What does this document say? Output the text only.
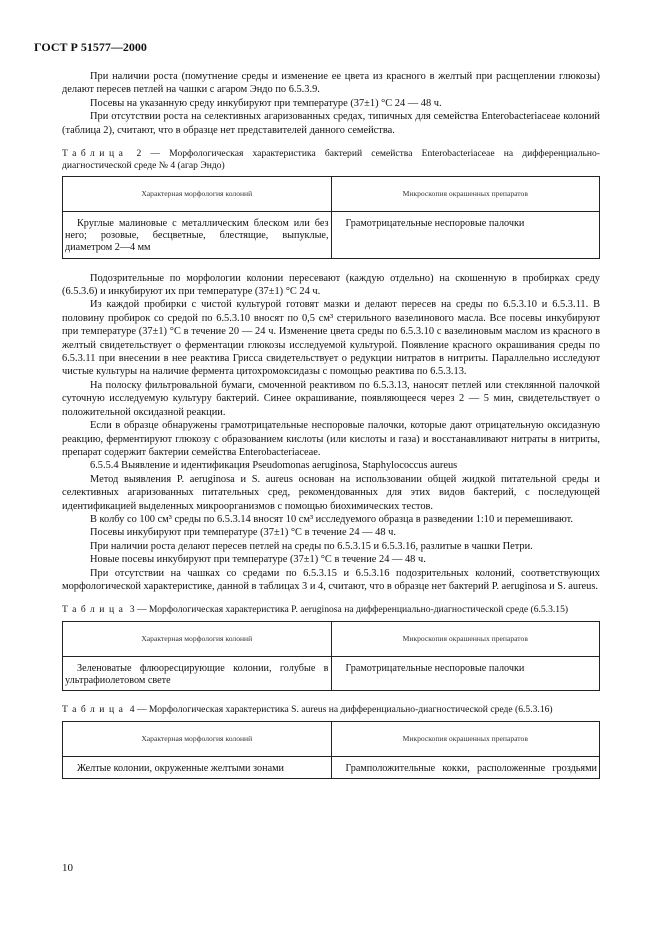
ГОСТ Р 51577—2000

При наличии роста (помутнение среды и изменение ее цвета из красного в желтый при расщеплении глюкозы) делают пересев петлей на чашки с агаром Эндо по 6.5.3.9.

Посевы на указанную среду инкубируют при температуре (37±1) °С 24 — 48 ч.

При отсутствии роста на селективных агаризованных средах, типичных для семейства Enterobacteriaceae колоний (таблица 2), считают, что в образце нет представителей данного семейства.

Таблица 2 — Морфологическая характеристика бактерий семейства Enterobacteriaceae на дифференциально-диагностической среде № 4 (агар Эндо)
Характерная морфология колоний	Микроскопия окрашенных препаратов
Круглые малиновые с металлическим блеском или без него; розовые, бесцветные, блестящие, выпуклые, диаметром 2—4 мм	Грамотрицательные неспоровые палочки

Подозрительные по морфологии колонии пересевают (каждую отдельно) на скошенную в пробирках среду (6.5.3.6) и инкубируют их при температуре (37±1) °С 24 ч.

Из каждой пробирки с чистой культурой готовят мазки и делают пересев на среды по 6.5.3.10 и 6.5.3.11. В половину пробирок со средой по 6.5.3.10 вносят по 0,5 см³ стерильного вазелинового масла. Все посевы инкубируют при температуре (37±1) °С в течение 20 — 24 ч. Изменение цвета среды по 6.5.3.10 с вазелиновым маслом из красного в желтый свидетельствует о ферментации глюкозы исследуемой культурой. Появление красного окрашивания среды по 6.5.3.11 при внесении в нее реактива Грисса свидетельствует о редукции нитратов в нитриты. Параллельно исследуют чистые культуры на наличие фермента цитохромоксидазы с помощью реактива по 6.5.3.13.

На полоску фильтровальной бумаги, смоченной реактивом по 6.5.3.13, наносят петлей или стеклянной палочкой суточную исследуемую культуру бактерий. Синее окрашивание, появляющееся через 2 — 5 мин, свидетельствует о положительной оксидазной реакции.

Если в образце обнаружены грамотрицательные неспоровые палочки, которые дают отрицательную оксидазную реакцию, ферментируют глюкозу с образованием кислоты (или кислоты и газа) и восстанавливают нитраты в нитриты, препарат содержит бактерии семейства Enterobacteriaceae.

6.5.5.4 Выявление и идентификация Pseudomonas aeruginosa, Staphylococcus aureus

Метод выявления P. aeruginosa и S. aureus основан на использовании общей жидкой питательной среды и селективных агаризованных питательных сред, рекомендованных для этих видов бактерий, с последующей идентификацией выделенных микроорганизмов с помощью биохимических тестов.

В колбу со 100 см³ среды по 6.5.3.14 вносят 10 см³ исследуемого образца в разведении 1:10 и перемешивают.

Посевы инкубируют при температуре (37±1) °С в течение 24 — 48 ч.

При наличии роста делают пересев петлей на среды по 6.5.3.15 и 6.5.3.16, разлитые в чашки Петри.

Новые посевы инкубируют при температуре (37±1) °С в течение 24 — 48 ч.

При отсутствии на чашках со средами по 6.5.3.15 и 6.5.3.16 подозрительных колоний, соответствующих морфологической характеристике, данной в таблицах 3 и 4, считают, что в образце нет бактерий P. aeruginosa и S. aureus.

Таблица 3 — Морфологическая характеристика P. aeruginosa на дифференциально-диагностической среде (6.5.3.15)
Характерная морфология колоний	Микроскопия окрашенных препаратов
Зеленоватые флюоресцирующие колонии, голубые в ультрафиолетовом свете	Грамотрицательные неспоровые палочки
Таблица 4 — Морфологическая характеристика S. aureus на дифференциально-диагностической среде (6.5.3.16)
Характерная морфология колоний	Микроскопия окрашенных препаратов
Желтые колонии, окруженные желтыми зонами	Грамположительные кокки, расположенные гроздьями
10
